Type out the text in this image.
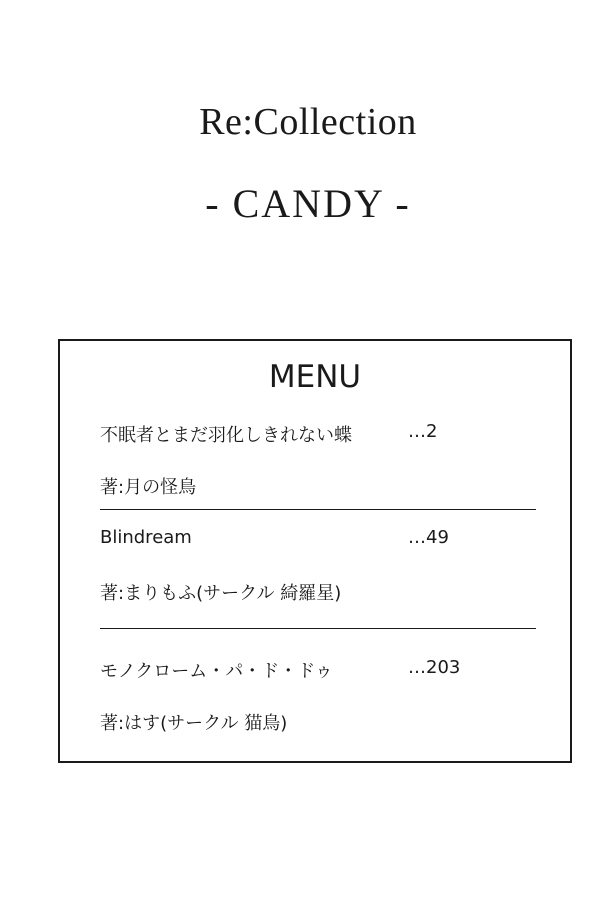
Re:Collection
- CANDY -
MENU
不眠者とまだ羽化しきれない蝶	…2
著:月の怪鳥
Blindream	…49
著:まりもふ(サークル 綺羅星)
モノクローム・パ・ド・ドゥ	…203
著:はす(サークル 猫鳥)
